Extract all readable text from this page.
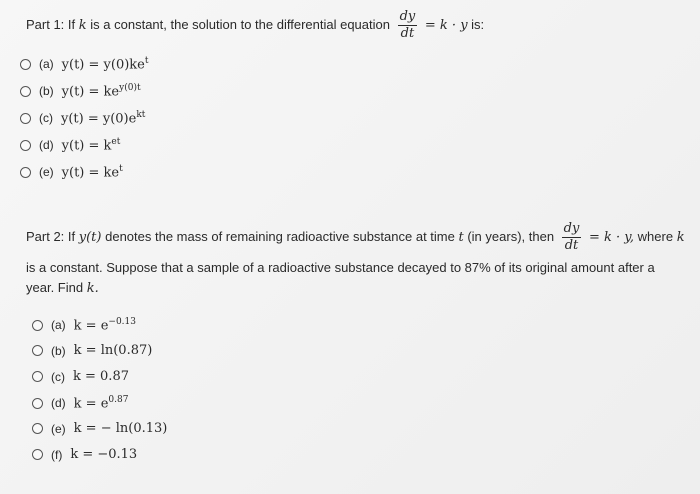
Part 1: If k is a constant, the solution to the differential equation $\frac{dy}{dt} = k \cdot y$ is:
(a) $y(t) = y(0)ke^t$
(b) $y(t) = ke^{y(0)t}$
(c) $y(t) = y(0)e^{kt}$
(d) $y(t) = k^{et}$
(e) $y(t) = ke^t$
Part 2: If y(t) denotes the mass of remaining radioactive substance at time t (in years), then $\frac{dy}{dt} = k \cdot y$, where k
is a constant. Suppose that a sample of a radioactive substance decayed to 87% of its original amount after a
year. Find k.
(a) $k = e^{-0.13}$
(b) k = ln(0.87)
(c) k = 0.87
(d) $k = e^{0.87}$
(e) k = − ln(0.13)
(f) k = −0.13
